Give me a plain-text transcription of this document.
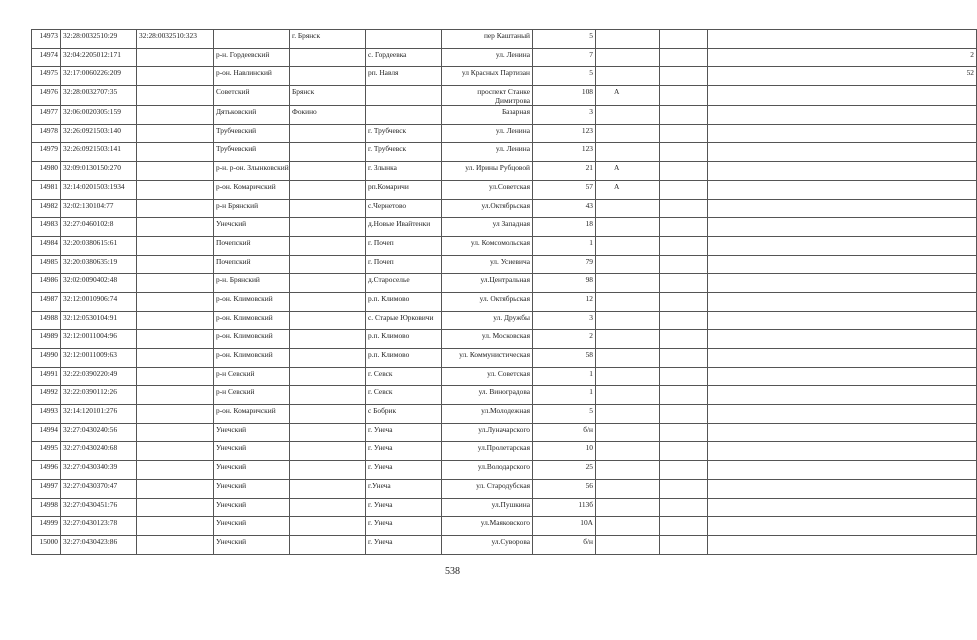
14973	32:28:0032510:29	32:28:0032510:323		г. Брянск		пер Каштаный	5			
14974	32:04:2205012:171		р-н. Гордеевский		с. Гордеевка	ул. Ленина	7			2
14975	32:17:0060226:209		р-он. Навлинский		рп. Навля	ул Красных Партизан	5			52
14976	32:28:0032707:35		Советский	Брянск		проспект Станке Димитрова	108	А		
14977	32:06:0020305:159		Дятьковский	Фокино		Базарная	3			
14978	32:26:0921503:140		Трубчевский		г. Трубчевск	ул. Ленина	123			
14979	32:26:0921503:141		Трубчевский		г. Трубчевск	ул. Ленина	123			
14980	32:09:0130150:270		р-н. р-он. Злынковский		г. Злынка	ул. Ирины Рубцовой	21	А		
14981	32:14:0201503:1934		р-он. Комаричский		рп.Комаричи	ул.Советская	57	А		
14982	32:02:130104:77		р-н Брянский		с.Чернетово	ул.Октябрьская	43			
14983	32:27:0460102:8		Унечский		д.Новые Ивайтенки	ул Западная	18			
14984	32:20:0380615:61		Почепский		г. Почеп	ул. Комсомольская	1			
14985	32:20:0380635:19		Почепский		г. Почеп	ул. Усиевича	79			
14986	32:02:0090402:48		р-н. Брянский		д.Староселье	ул.Центральная	98			
14987	32:12:0010906:74		р-он. Климовский		р.п. Климово	ул. Октябрьская	12			
14988	32:12:0530104:91		р-он. Климовский		с. Старые Юрковичи	ул. Дружбы	3			
14989	32:12:0011004:96		р-он. Климовский		р.п. Климово	ул. Московская	2			
14990	32:12:0011009:63		р-он. Климовский		р.п. Климово	ул. Коммунистическая	58			
14991	32:22:0390220:49		р-н Севский		г. Севск	ул. Советская	1			
14992	32:22:0390112:26		р-н Севский		г. Севск	ул. Виноградова	1			
14993	32:14:120101:276		р-он. Комаричский		с Бобрик	ул.Молодежная	5			
14994	32:27:0430240:56		Унечский		г. Унеча	ул.Луначарского	б/н			
14995	32:27:0430240:68		Унечский		г. Унеча	ул.Пролетарская	10			
14996	32:27:0430340:39		Унечский		г. Унеча	ул.Володарского	25			
14997	32:27:0430370:47		Унечский		г.Унеча	ул. Стародубская	56			
14998	32:27:0430451:76		Унечский		г. Унеча	ул.Пушкина	113б			
14999	32:27:0430123:78		Унечский		г. Унеча	ул.Маяковского	10А			
15000	32:27:0430423:86		Унечский		г. Унеча	ул.Суворова	б/н			
538
